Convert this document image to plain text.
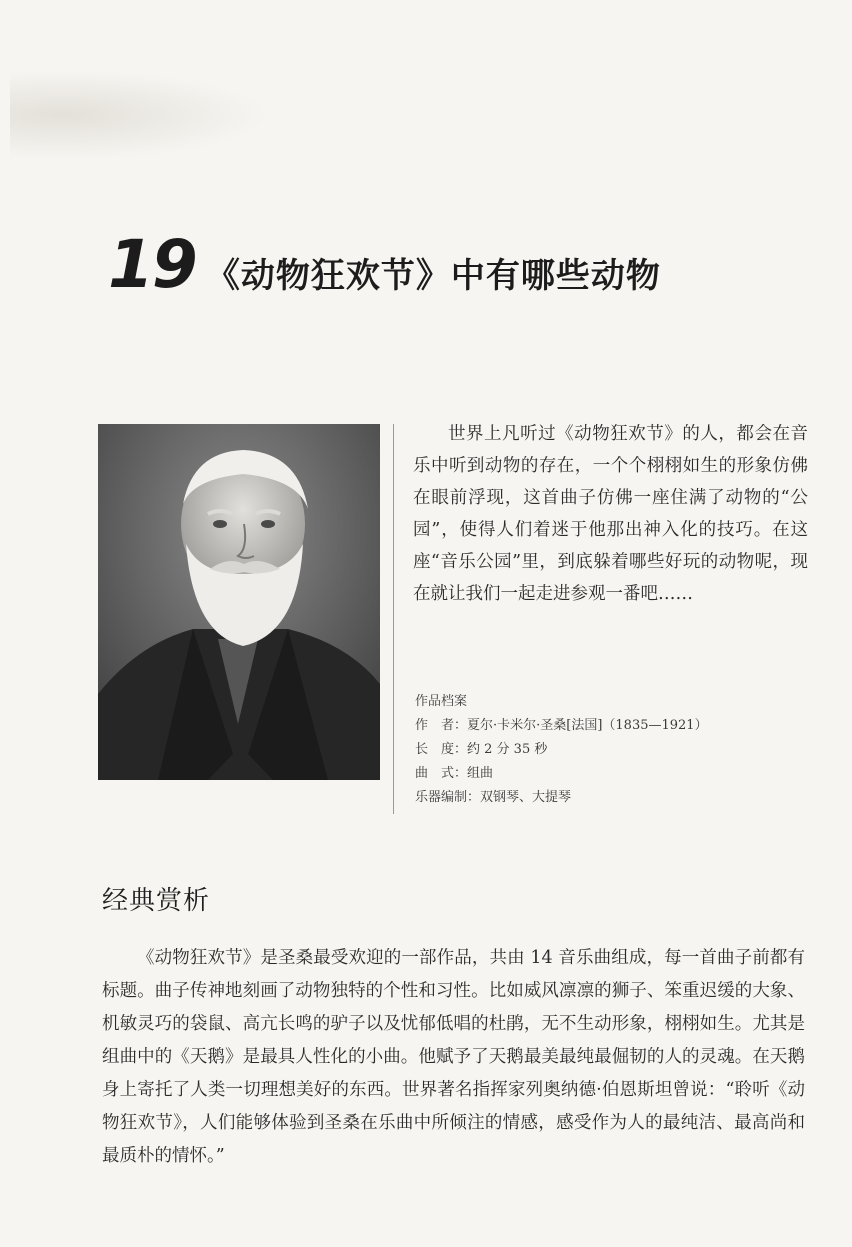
19 《动物狂欢节》中有哪些动物

世界上凡听过《动物狂欢节》的人，都会在音乐中听到动物的存在，一个个栩栩如生的形象仿佛在眼前浮现，这首曲子仿佛一座住满了动物的“公园”，使得人们着迷于他那出神入化的技巧。在这座“音乐公园”里，到底躲着哪些好玩的动物呢，现在就让我们一起走进参观一番吧……

作品档案
作　者：夏尔·卡米尔·圣桑[法国]（1835—1921）
长　度：约 2 分 35 秒
曲　式：组曲
乐器编制：双钢琴、大提琴
经典赏析

《动物狂欢节》是圣桑最受欢迎的一部作品，共由 14 音乐曲组成，每一首曲子前都有标题。曲子传神地刻画了动物独特的个性和习性。比如威风凛凛的狮子、笨重迟缓的大象、机敏灵巧的袋鼠、高亢长鸣的驴子以及忧郁低唱的杜鹃，无不生动形象，栩栩如生。尤其是组曲中的《天鹅》是最具人性化的小曲。他赋予了天鹅最美最纯最倔韧的人的灵魂。在天鹅身上寄托了人类一切理想美好的东西。世界著名指挥家列奥纳德·伯恩斯坦曾说：“聆听《动物狂欢节》，人们能够体验到圣桑在乐曲中所倾注的情感，感受作为人的最纯洁、最高尚和最质朴的情怀。”
